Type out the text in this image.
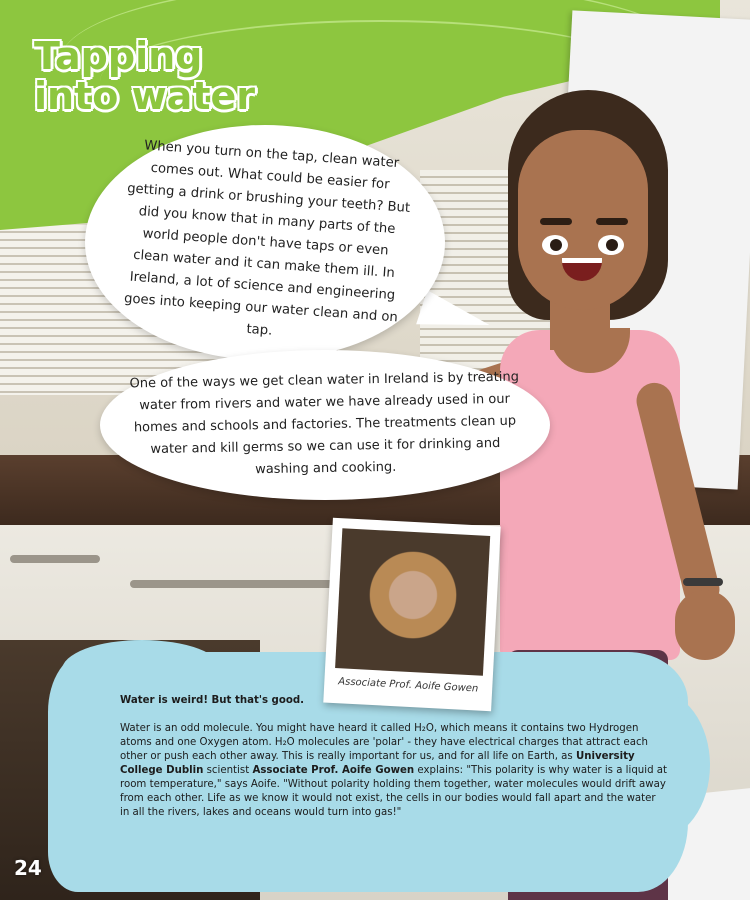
Tapping
into water

When you turn on the tap, clean water comes out. What could be easier for getting a drink or brushing your teeth? But did you know that in many parts of the world people don't have taps or even clean water and it can make them ill. In Ireland, a lot of science and engineering goes into keeping our water clean and on tap.

One of the ways we get clean water in Ireland is by treating water from rivers and water we have already used in our homes and schools and factories. The treatments clean up water and kill germs so we can use it for drinking and washing and cooking.

Associate Prof. Aoife Gowen

Water is weird! But that's good.

Water is an odd molecule. You might have heard it called H₂O, which means it contains two Hydrogen atoms and one Oxygen atom. H₂O molecules are 'polar' - they have electrical charges that attract each other or push each other away. This is really important for us, and for all life on Earth, as University College Dublin scientist Associate Prof. Aoife Gowen explains: "This polarity is why water is a liquid at room temperature," says Aoife. "Without polarity holding them together, water molecules would drift away from each other. Life as we know it would not exist, the cells in our bodies would fall apart and the water in all the rivers, lakes and oceans would turn into gas!"

24
